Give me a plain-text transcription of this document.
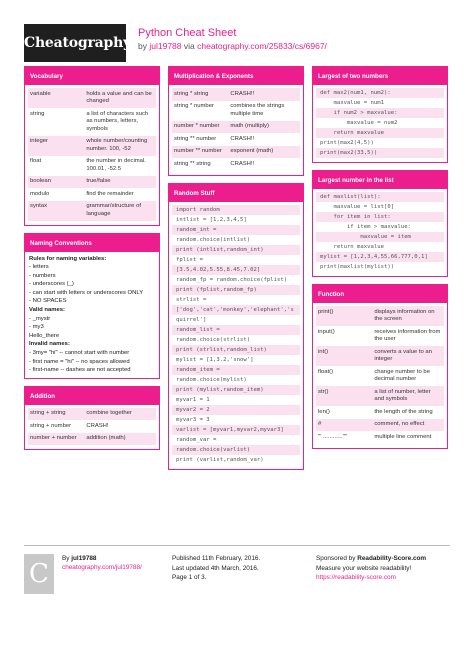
Cheatography
Python Cheat Sheet
by jul19788 via cheatography.com/25833/cs/6967/
Vocabulary
variable	holds a value and can be changed
string	a list of characters such as numbers, letters, symbols
integer	whole number/counting number. 100, -52
float	the number in decimal. 100.01, -52.5
boolean	true/false
modulo	find the remainder
syntax	grammar/structure of language
Naming Conventions
Rules for naming variables:
- letters
- numbers
- underscores (_)
- can start with letters or underscores ONLY
- NO SPACES
Valid names:
- _mystr
- my3
Hello_there
Invalid names:
- 3my= "hi" -- cannot start with number
- first name = "hi" -- no spaces allowed
- first-name -- dashes are not accepted
Addition
string + string	combine together
string + number	CRASH!
number + number	addition (math)
Multiplication & Exponents
string * string	CRASH!!
string * number	combines the strings multiple time
number * number	math (multiply)
string ** number	CRASH!!
number ** number	exponent (math)
string ** string	CRASH!!
Random Stuff
import random
intlist = [1,2,3,4,5]
random_int =
random.choice(intlist)
print (intlist,random_int)
fplist =
[3.5,4.02,5.55,8.45,7.02]
random_fp = random.choice(fplist)
print (fplist,random_fp)
strlist =
['dog','cat','monkey','elephant','s
quirrel']
random_list =
random.choice(strlist)
print (strlist,random_list)
mylist = [1,3.2,'snow']
random_item =
random.choice(mylist)
print (mylist,random_item)
myvar1 = 1
myvar2 = 2
myvar3 = 3
varlist = [myvar1,myvar2,myvar3]
random_var =
random.choice(varlist)
print (varlist,random_var)
Largest of two numbers
def max2(num1, num2):
maxvalue = num1
if num2 > maxvalue:
maxvalue = num2
return maxvalue
print(max2(4,5))
print(max2(33,5))
Largest number in the list
def maxlist(list):
maxvalue = list[0]
for item in list:
if item > maxvalue:
maxvalue = item
return maxvalue
mylist = [1,2,3,4,55,66,777,0,1]
print(maxlist(mylist))
Function
print()	displays information on the screen
input()	receives information from the user
int()	converts a value to an integer
float()	change number to be decimal number
str()	a list of number, letter and symbols
len()	the length of the string
#	comment, no effect
''' ............''''	multiple line comment
C
By jul19788
cheatography.com/jul19788/
Published 11th February, 2016.
Last updated 4th March, 2016.
Page 1 of 3.
Sponsored by Readability-Score.com
Measure your website readability!
https://readability-score.com
